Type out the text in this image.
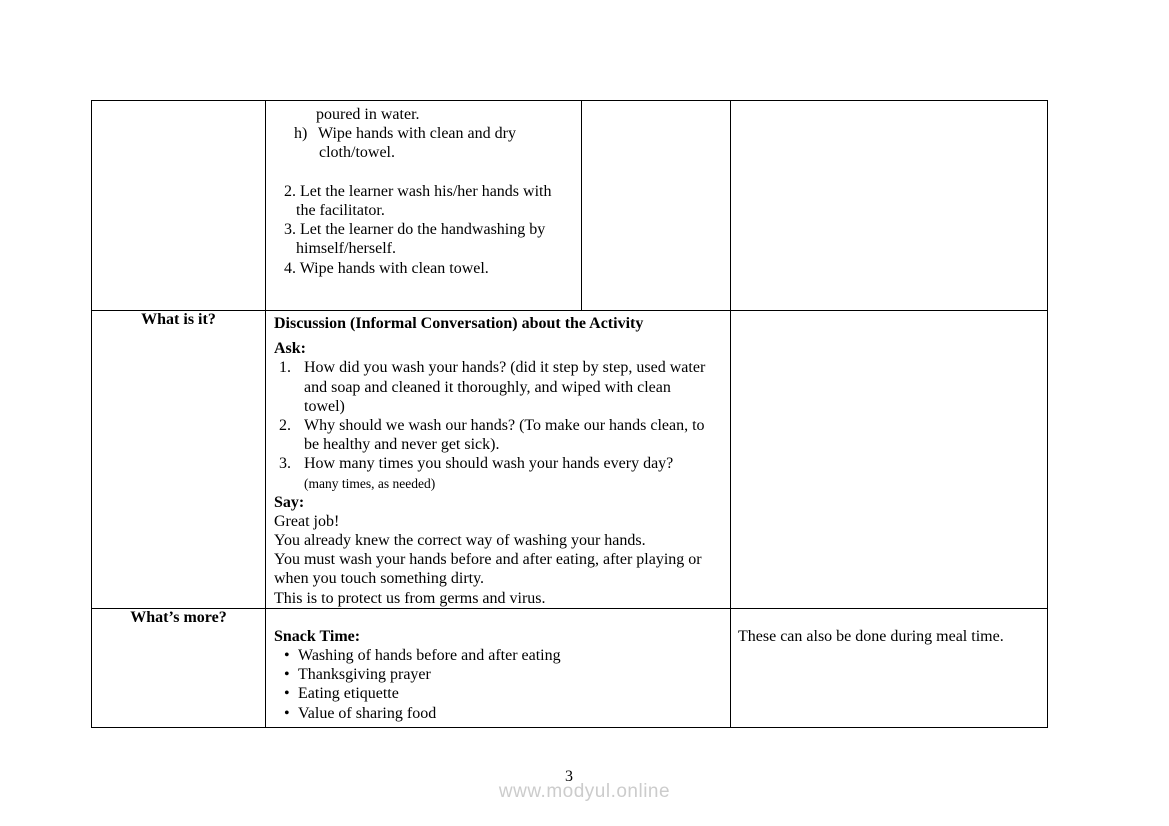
poured in water.
h) Wipe hands with clean and dry
cloth/towel.
2. Let the learner wash his/her hands with
the facilitator.
3. Let the learner do the handwashing by
himself/herself.
4. Wipe hands with clean towel.

What is it?	Discussion (Informal Conversation) about the Activity
Ask:
1. How did you wash your hands? (did it step by step, used water
and soap and cleaned it thoroughly, and wiped with clean
towel)
2. Why should we wash our hands? (To make our hands clean, to
be healthy and never get sick).
3. How many times you should wash your hands every day?
(many times, as needed)
Say:
Great job!
You already knew the correct way of washing your hands.
You must wash your hands before and after eating, after playing or
when you touch something dirty.
This is to protect us from germs and virus.

What’s more?	Snack Time:
• Washing of hands before and after eating
• Thanksgiving prayer
• Eating etiquette
• Value of sharing food		These can also be done during meal time.
3
www.modyul.online
